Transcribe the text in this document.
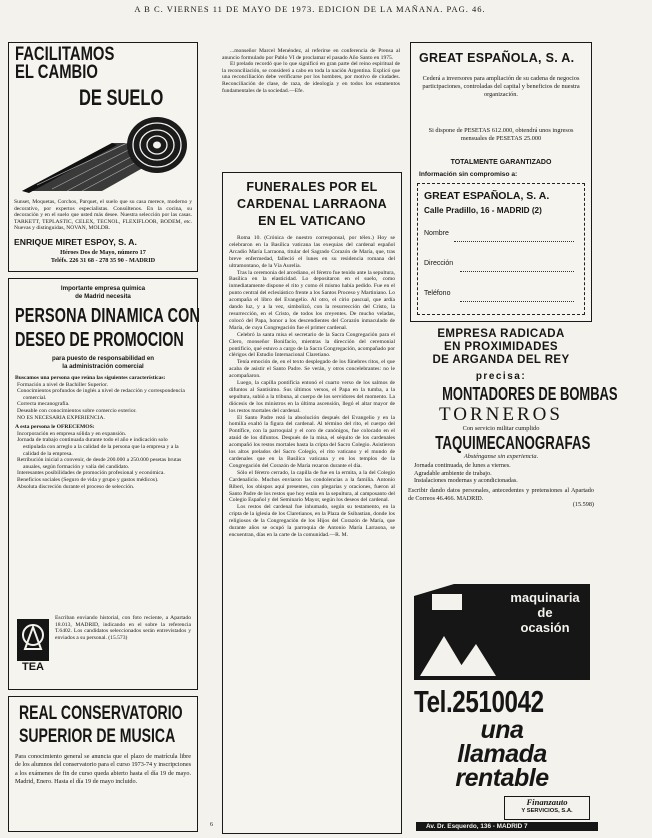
A B C. VIERNES 11 DE MAYO DE 1973. EDICION DE LA MAÑANA. PAG. 46.
FACILITAMOS
EL CAMBIO
DE SUELO
Sunset, Moquetas, Corchos, Parquet, el suelo que su casa merece, moderno y decorativo, por expertos especialistas. Consúltenos. En la cocina, su decoración y en el suelo que usted más desee. Nuestra selección por las casas. TARKETT, TEPLASTIC, CELEX, TECNOL, FLEXIFLOOR, BODEM, etc. Nuevas y distinguidas, NOVAN, MOLDR.
ENRIQUE MIRET ESPOY, S. A.
Héroes Dos de Mayo, número 17
Teléfs. 226 31 68 - 278 35 90 - MADRID
Importante empresa química
de Madrid necesita
PERSONA DINAMICA CON
DESEO DE PROMOCION
para puesto de responsabilidad en
la administración comercial
Buscamos una persona que reúna las siguientes características:
Formación a nivel de Bachiller Superior.
Conocimientos profundos de inglés a nivel de redacción y correspondencia comercial.
Correcta mecanografía.
Deseable con conocimientos sobre comercio exterior.
NO ES NECESARIA EXPERIENCIA.
A esta persona le OFRECEMOS:
Incorporación en empresa sólida y en expansión.
Jornada de trabajo continuada durante todo el año e indicación solo estipulada con arreglo a la calidad de la persona que la empresa y a la calidad de la empresa.
Retribución inicial a convenir, de desde 200.000 a 250.000 pesetas brutas anuales, según formación y valía del candidato.
Interesantes posibilidades de promoción profesional y económica.
Beneficios sociales (Seguro de vida y grupo y gastos médicos).
Absoluta discreción durante el proceso de selección.
TEA
Escriban enviando historial, con foto reciente, a Apartado 18.013, MADRID, indicando en el sobre la referencia T.6402. Los candidatos seleccionados serán entrevistados y enviados a su personal. (15.573)
REAL CONSERVATORIO
SUPERIOR DE MUSICA
Para conocimiento general se anuncia que el plazo de matrícula libre de los alumnos del conservatorio para el curso 1973-74 y inscripciones a los exámenes de fin de curso queda abierto hasta el día 19 de mayo. Madrid, Enero. Hasta el día 19 de mayo incluido.
...monseñor Marcel Menéndez, al referirse en conferencia de Prensa al anuncio formulado por Pablo VI de proclamar el pasado Año Santo en 1975.
El prelado recordó que lo que significó en gran parte del reino espiritual de la reconciliación, se consideró a cabo en toda la nación Argentina. Explicó que una reconciliación debe verificarse por los hombres, por motivo de ciudades. Reconciliación de clase, de raza, de ideología y en todos los estamentos fundamentales de la sociedad.—Efe.
FUNERALES POR EL CARDENAL LARRAONA EN EL VATICANO
Roma 10. (Crónica de nuestro corresponsal, por télex.) Hoy se celebraron en la Basílica vaticana las exequias del cardenal español Arcadio María Larraona, titular del Sagrado Corazón de María, que, tras breve enfermedad, falleció el lunes en su residencia romana del ultramontano, de la Vía Aurelia.
Tras la ceremonia del arcediano, el féretro fue tenido ante la sepultura, Basílica en la elasticidad. Lo depositaron en el suelo, como inmediatamente dispone el rito y como él mismo había pedido. Fue en el punto central del eclesiástico frente a los Santos Proceso y Martiniano. Lo acompaña el libro del Evangelio. Al otro, el cirio pascual, que ardía dando luz, y a la vez, simbolizó, con la resurrección del Cristo, la resurrección, en el Cristo, de todos los creyentes. De mucho veladas, colocó del Papa, honor a los descendientes del Corazón inmaculado de María, de cuya Congregación fue el primer cardenal.
Celebró la santa misa el secretario de la Sacra Congregación para el Clero, monseñor Bonifacio, mientras la dirección del ceremonial pontificio, qué estuvo a cargo de la Sacra Congregación, acompañado por clérigos del Estudio Internacional Claretiano.
Tenía emoción de, en el texto desplegado de los fúnebres ritos, el que acaba de asistir el Santo Padre. Se verán, y otros concelebrantes: no le acompañaron.
Luego, la capilla pontificia entonó el cuarto verso de los salmos de difuntos al Santísimo. Sus últimos versos, el Papa en la tumba, a la sepultura, subió a la tribuna, al cuerpo de los servidores del momento. La diócesis de los ministros en la última ascensión, llegó el altar mayor de los restos mortales del cardenal.
El Santo Padre rezó la absolución después del Evangelio y en la homilía exaltó la figura del cardenal. Al término del rito, el cuerpo del Pontífice, con la parroquial y el coro de canónigos, fue colocado en el ataúd de los difuntos. Después de la misa, el séquito de los cardenales acompañó los restos mortales hasta la cripta del Sacro Colegio. Asistieron los altos prelados del Sacro Colegio, el rito vaticano y el mundo de cardenales que en la Basílica vaticana y en los templos de la Congregación del Corazón de María rezaron durante el día.
Sólo el féretro cerrado, la capilla de fue en la ermita, a la del Colegio Cardenalicio. Muchos enviaron las condolencias a la familia. Antonio Riberi, los obispos aquí presentes, con plegarias y oraciones, fueron al Santo Padre de los restos que hoy están en la sepultura, al camposanto del Colegio Español y del Seminario Mayor, según los deseos del cardenal.
Los restos del cardenal fue inhumado, según su testamento, en la cripta de la iglesia de los Claretianos, en la Plaza de Ssibastian, donde los religiosos de la Congregación de los Hijos del Corazón de María, que durante años se ocupó la parroquia de Antonio María Larraona, se encuentran, días en la carte de la comunidad.—R. M.
GREAT ESPAÑOLA, S. A.
Cederá a inversores para ampliación de su cadena de negocios participaciones, controladas del capital y beneficios de nuestra organización.
Si dispone de PESETAS 612.000, obtendrá unos ingresos mensuales de PESETAS 25.000
TOTALMENTE GARANTIZADO
Información sin compromiso a:
GREAT ESPAÑOLA, S. A.
Calle Pradillo, 16 - MADRID (2)
Nombre
Dirección
Teléfono
EMPRESA RADICADA
EN PROXIMIDADES
DE ARGANDA DEL REY
precisa:
MONTADORES DE BOMBAS
TORNEROS
Con servicio militar cumplido
TAQUIMECANOGRAFAS
Absténganse sin experiencia.
Jornada continuada, de lunes a viernes.
Agradable ambiente de trabajo.
Instalaciones modernas y acondicionadas.
Escribir dando datos personales, antecedentes y pretensiones al Apartado de Correos 46.466. MADRID.
(15.598)
maquinaria
de
ocasión
Tel.2510042
una
llamada
rentable
Finanzauto
Y SERVICIOS, S.A.
Av. Dr. Esquerdo, 136 - MADRID 7
6
